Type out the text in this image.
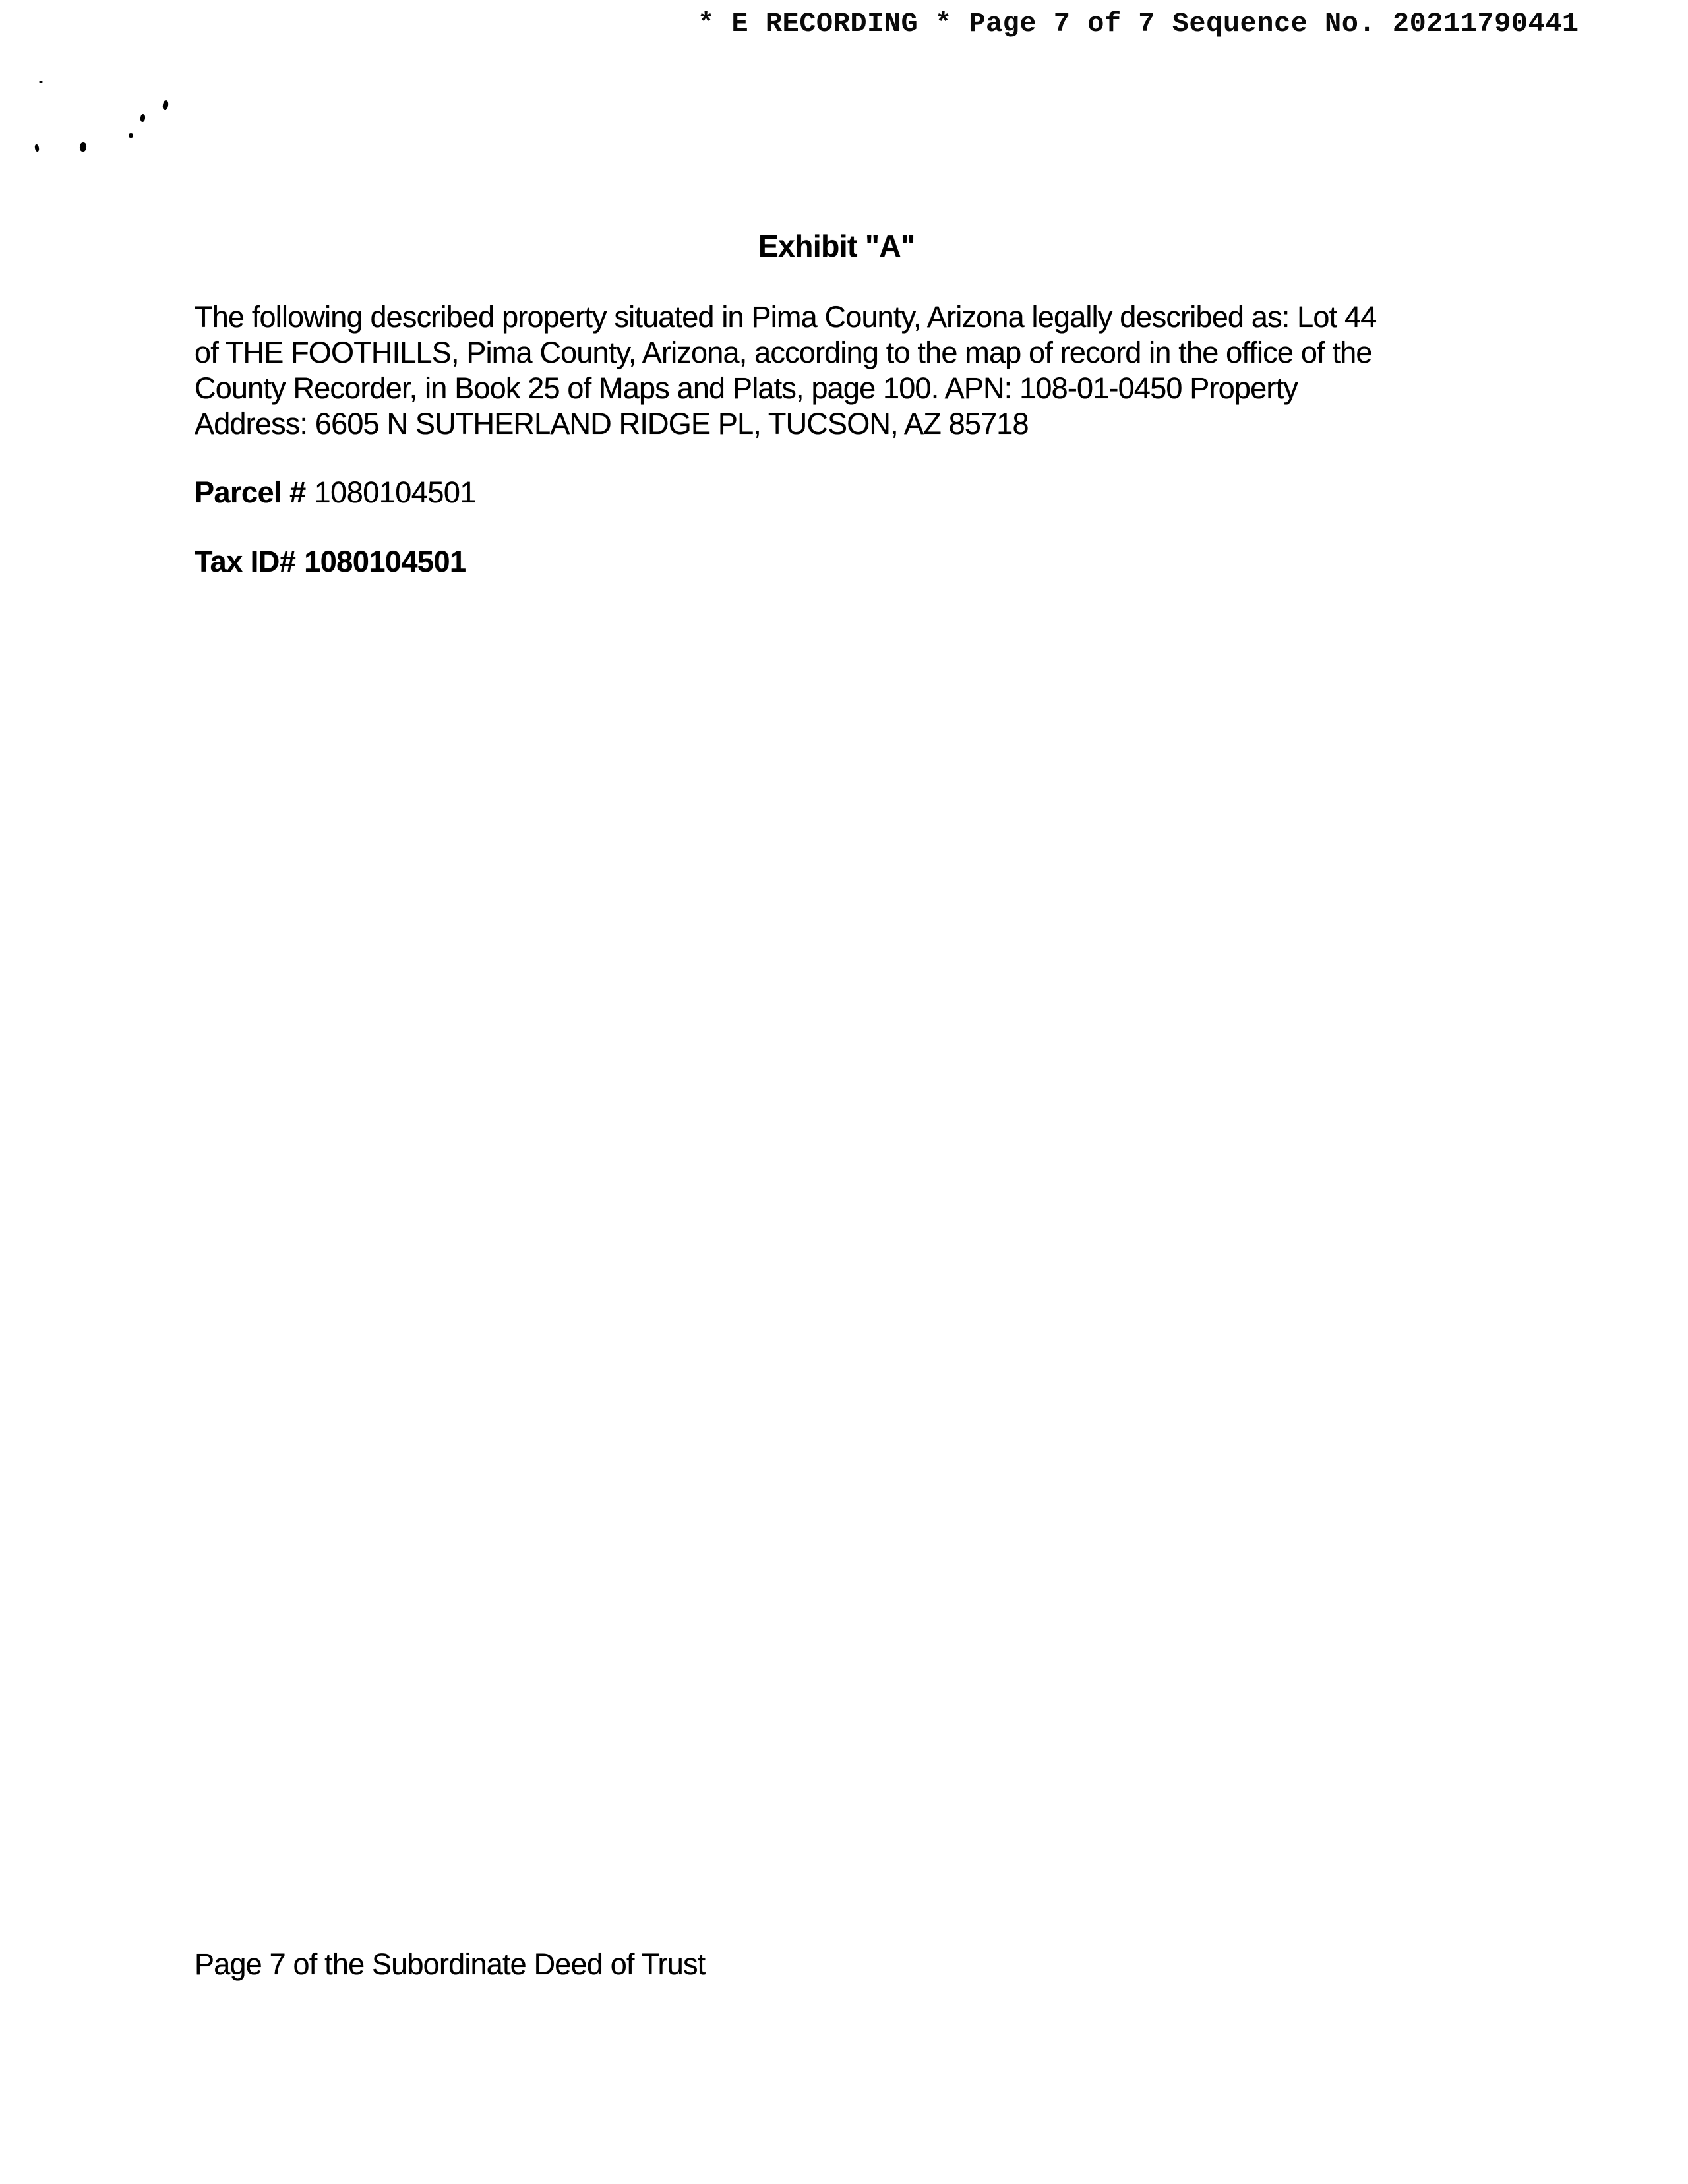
* E RECORDING * Page 7 of 7 Sequence No. 20211790441
Exhibit "A"
The following described property situated in Pima County, Arizona legally described as: Lot 44
of THE FOOTHILLS, Pima County, Arizona, according to the map of record in the office of the
County Recorder, in Book 25 of Maps and Plats, page 100. APN: 108-01-0450 Property
Address: 6605 N SUTHERLAND RIDGE PL, TUCSON, AZ 85718
Parcel # 1080104501
Tax ID# 1080104501
Page 7 of the Subordinate Deed of Trust
